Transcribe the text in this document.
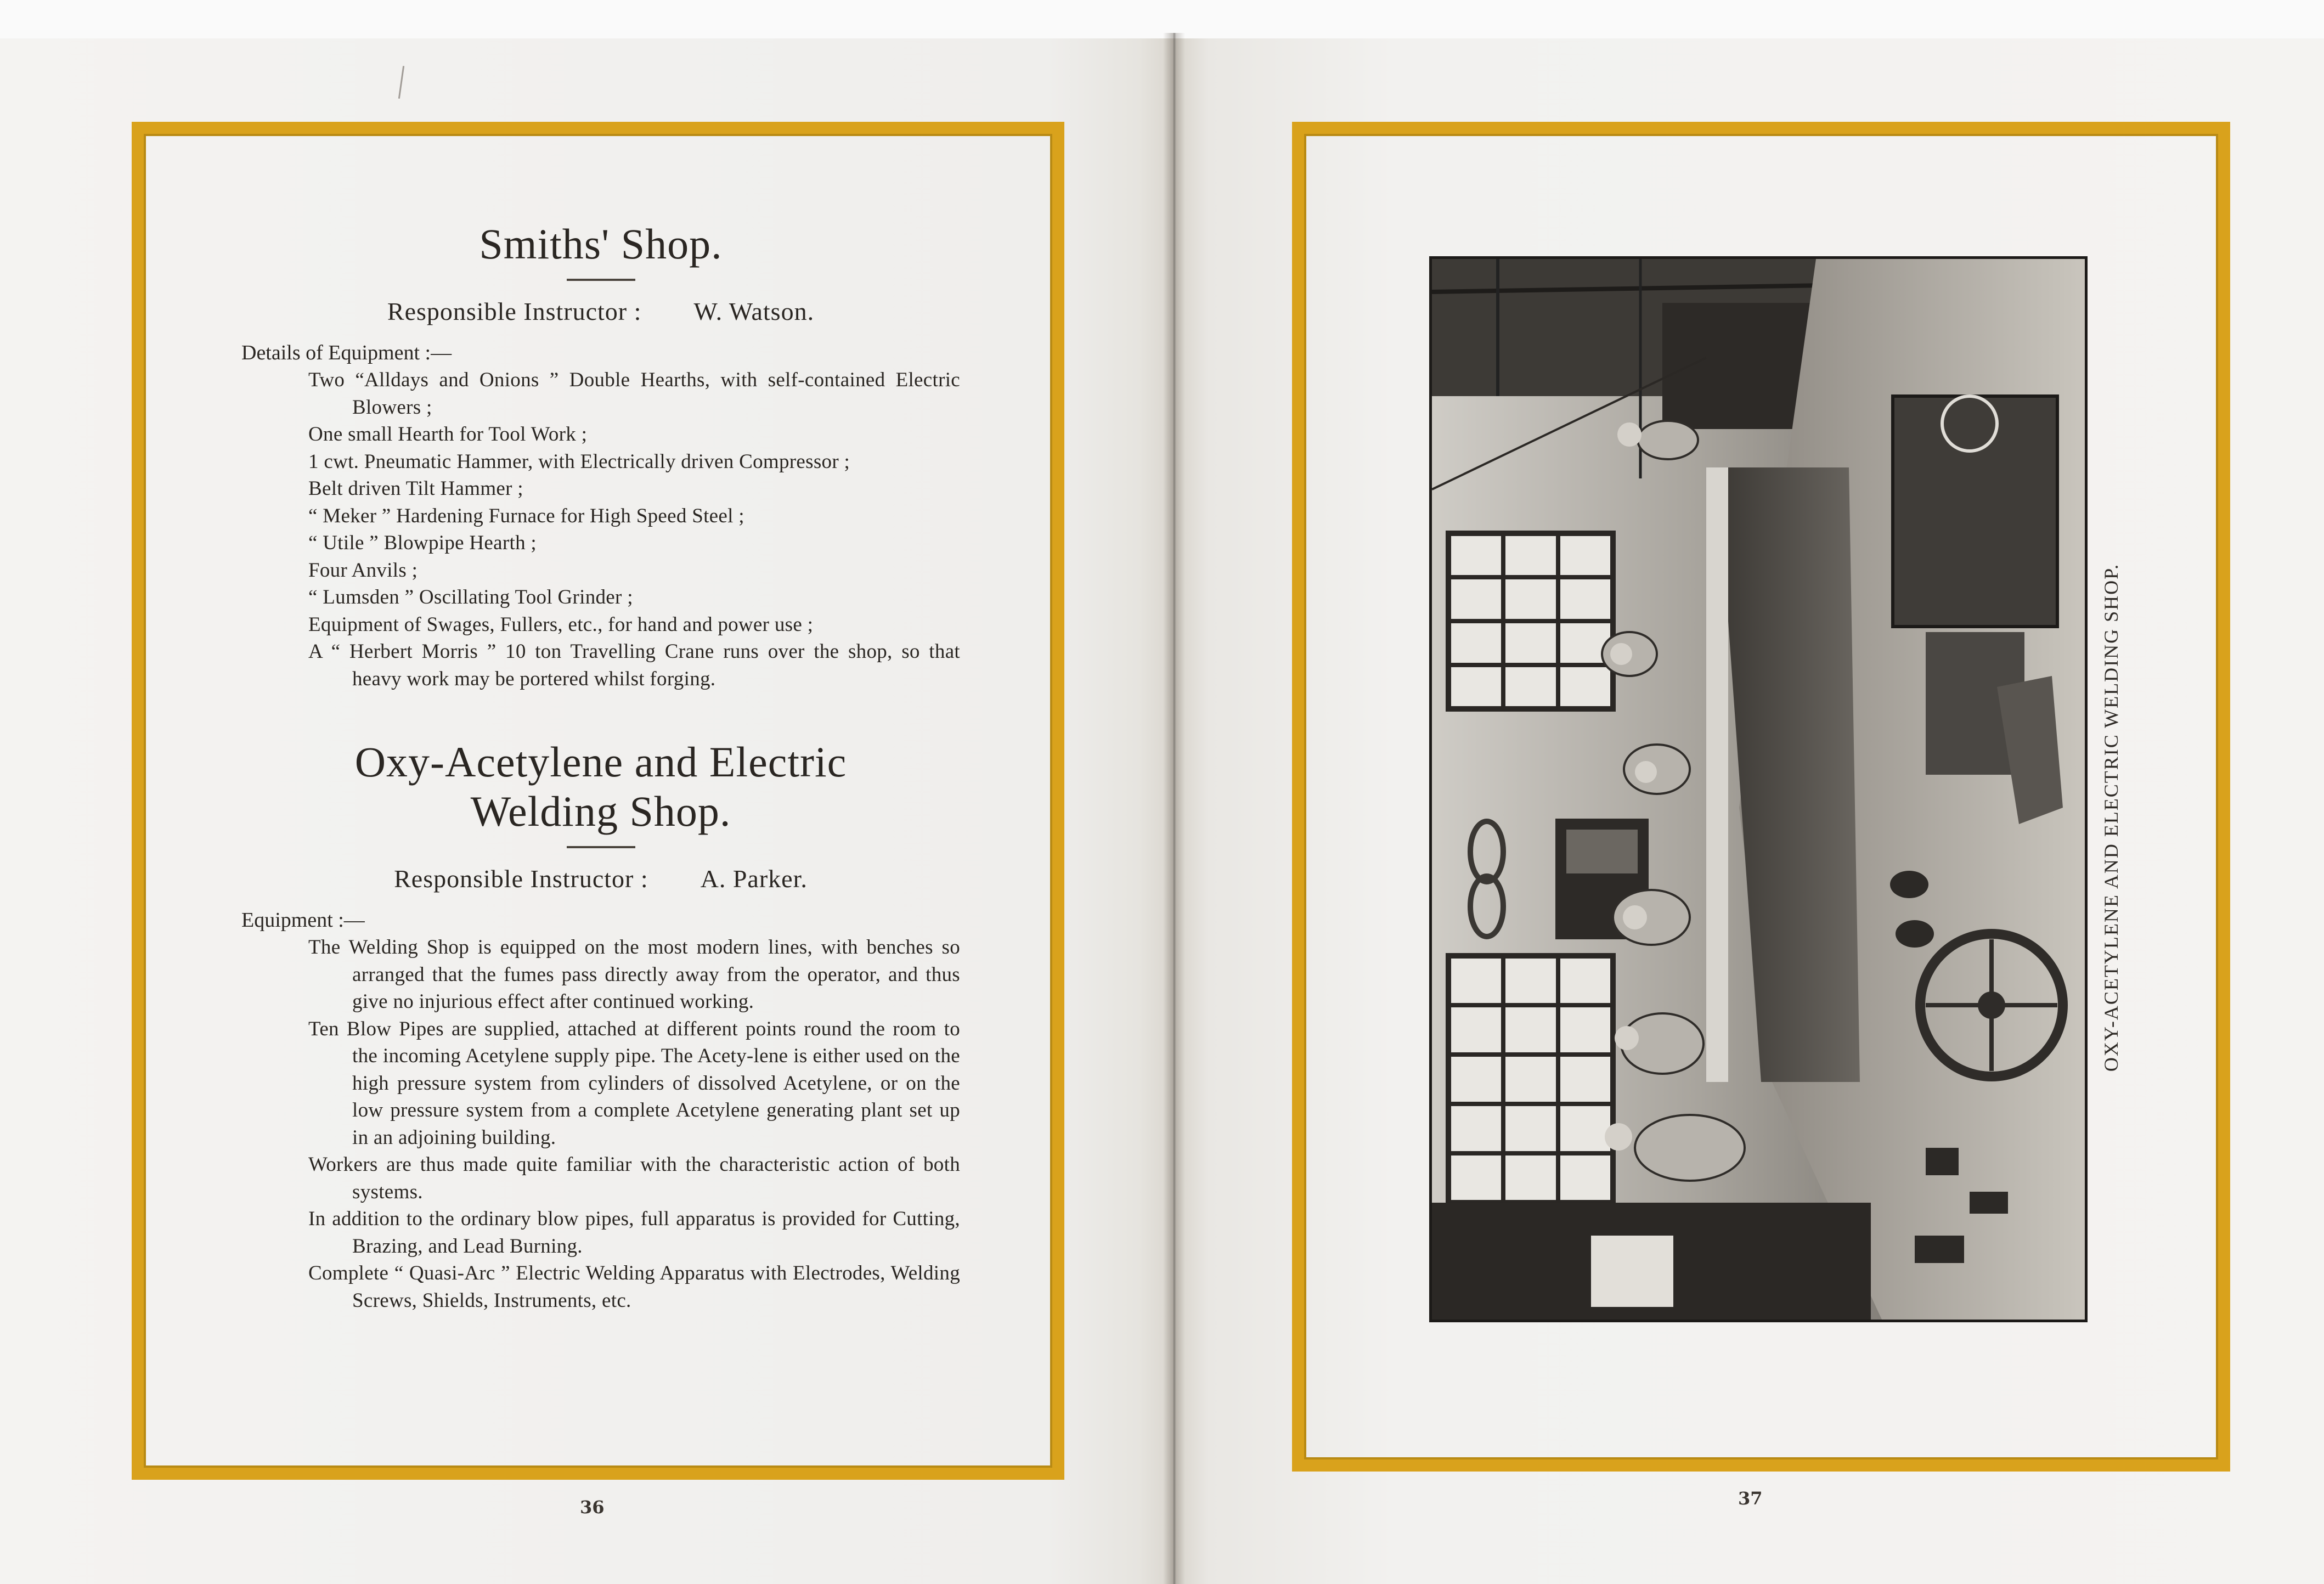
Smiths' Shop.
Responsible Instructor : W. Watson.

Details of Equipment :—

Two “Alldays and Onions ” Double Hearths, with self-contained Electric Blowers ;
One small Hearth for Tool Work ;
1 cwt. Pneumatic Hammer, with Electrically driven Compressor ;
Belt driven Tilt Hammer ;
“ Meker ” Hardening Furnace for High Speed Steel ;
“ Utile ” Blowpipe Hearth ;
Four Anvils ;
“ Lumsden ” Oscillating Tool Grinder ;
Equipment of Swages, Fullers, etc., for hand and power use ;
A “ Herbert Morris ” 10 ton Travelling Crane runs over the shop, so that heavy work may be portered whilst forging.
Oxy-Acetylene and Electric
Welding Shop.
Responsible Instructor : A. Parker.

Equipment :—

The Welding Shop is equipped on the most modern lines, with benches so arranged that the fumes pass directly away from the operator, and thus give no injurious effect after continued working.
Ten Blow Pipes are supplied, attached at different points round the room to the incoming Acetylene supply pipe. The Acety-lene is either used on the high pressure system from cylinders of dissolved Acetylene, or on the low pressure system from a complete Acetylene generating plant set up in an adjoining building.
Workers are thus made quite familiar with the characteristic action of both systems.
In addition to the ordinary blow pipes, full apparatus is provided for Cutting, Brazing, and Lead Burning.
Complete “ Quasi-Arc ” Electric Welding Apparatus with Electrodes, Welding Screws, Shields, Instruments, etc.
36
OXY-ACETYLENE AND ELECTRIC WELDING SHOP.
37
